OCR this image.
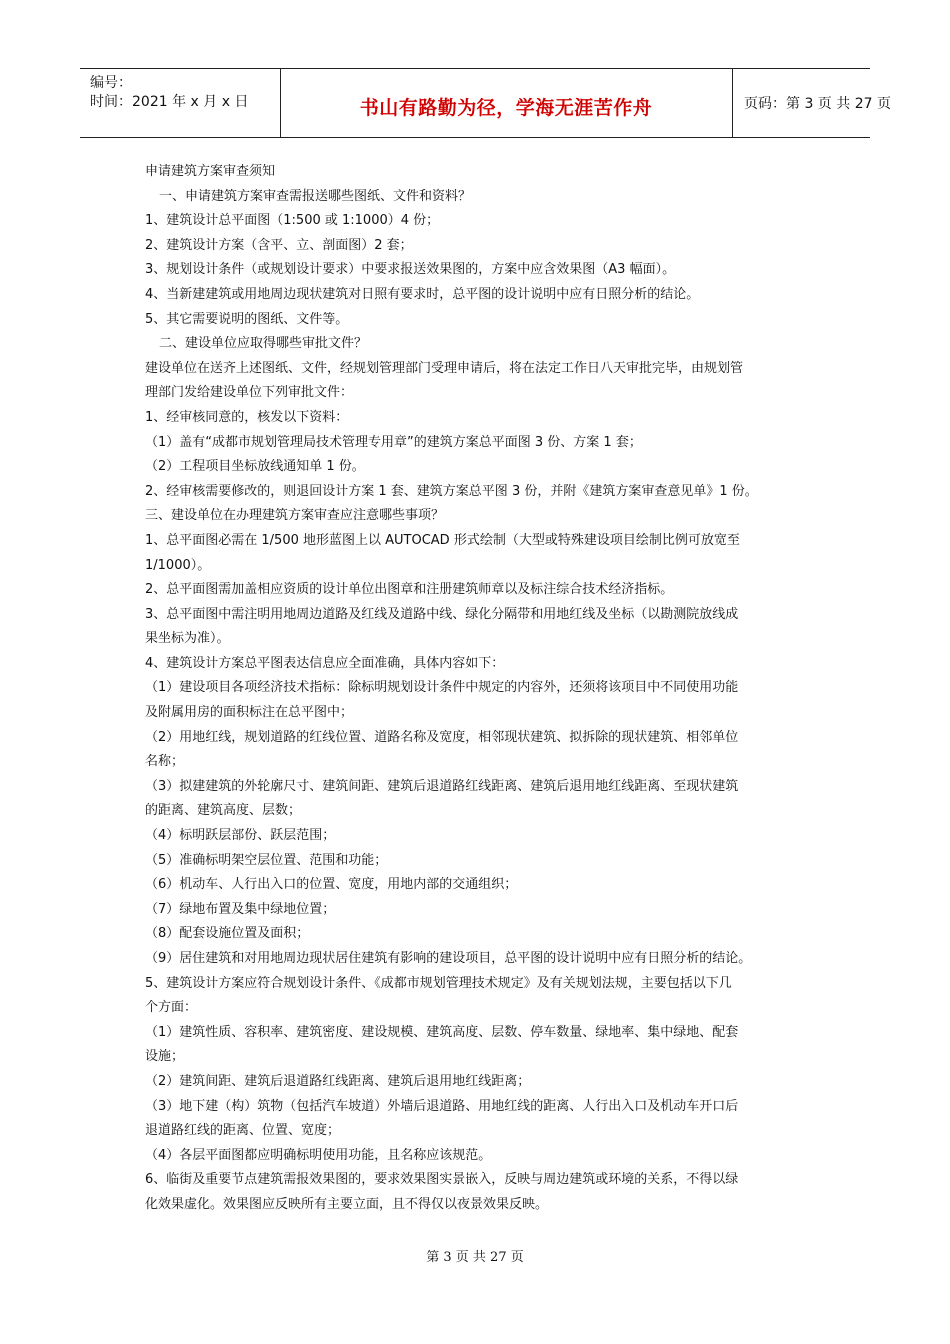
编号：
时间：2021 年 x 月 x 日	书山有路勤为径，学海无涯苦作舟	页码：第 3 页 共 27 页

申请建筑方案审查须知

一、申请建筑方案审查需报送哪些图纸、文件和资料？

1、建筑设计总平面图（1:500 或 1:1000）4 份；

2、建筑设计方案（含平、立、剖面图）2 套；

3、规划设计条件（或规划设计要求）中要求报送效果图的，方案中应含效果图（A3 幅面）。

4、当新建建筑或用地周边现状建筑对日照有要求时，总平图的设计说明中应有日照分析的结论。

5、其它需要说明的图纸、文件等。

二、建设单位应取得哪些审批文件？

建设单位在送齐上述图纸、文件，经规划管理部门受理申请后，将在法定工作日八天审批完毕，由规划管

理部门发给建设单位下列审批文件：

1、经审核同意的，核发以下资料：

（1）盖有“成都市规划管理局技术管理专用章”的建筑方案总平面图 3 份、方案 1 套；

（2）工程项目坐标放线通知单 1 份。

2、经审核需要修改的，则退回设计方案 1 套、建筑方案总平图 3 份，并附《建筑方案审查意见单》1 份。

三、建设单位在办理建筑方案审查应注意哪些事项？

1、总平面图必需在 1/500 地形蓝图上以 AUTOCAD 形式绘制（大型或特殊建设项目绘制比例可放宽至

1/1000）。

2、总平面图需加盖相应资质的设计单位出图章和注册建筑师章以及标注综合技术经济指标。

3、总平面图中需注明用地周边道路及红线及道路中线、绿化分隔带和用地红线及坐标（以勘测院放线成

果坐标为准）。

4、建筑设计方案总平图表达信息应全面准确，具体内容如下：

（1）建设项目各项经济技术指标：除标明规划设计条件中规定的内容外，还须将该项目中不同使用功能

及附属用房的面积标注在总平图中；

（2）用地红线，规划道路的红线位置、道路名称及宽度，相邻现状建筑、拟拆除的现状建筑、相邻单位

名称；

（3）拟建建筑的外轮廓尺寸、建筑间距、建筑后退道路红线距离、建筑后退用地红线距离、至现状建筑

的距离、建筑高度、层数；

（4）标明跃层部份、跃层范围；

（5）准确标明架空层位置、范围和功能；

（6）机动车、人行出入口的位置、宽度，用地内部的交通组织；

（7）绿地布置及集中绿地位置；

（8）配套设施位置及面积；

（9）居住建筑和对用地周边现状居住建筑有影响的建设项目，总平图的设计说明中应有日照分析的结论。

5、建筑设计方案应符合规划设计条件、《成都市规划管理技术规定》及有关规划法规，主要包括以下几

个方面：

（1）建筑性质、容积率、建筑密度、建设规模、建筑高度、层数、停车数量、绿地率、集中绿地、配套

设施；

（2）建筑间距、建筑后退道路红线距离、建筑后退用地红线距离；

（3）地下建（构）筑物（包括汽车坡道）外墙后退道路、用地红线的距离、人行出入口及机动车开口后

退道路红线的距离、位置、宽度；

（4）各层平面图都应明确标明使用功能，且名称应该规范。

6、临街及重要节点建筑需报效果图的，要求效果图实景嵌入，反映与周边建筑或环境的关系，不得以绿

化效果虚化。效果图应反映所有主要立面，且不得仅以夜景效果反映。

第 3 页 共 27 页
